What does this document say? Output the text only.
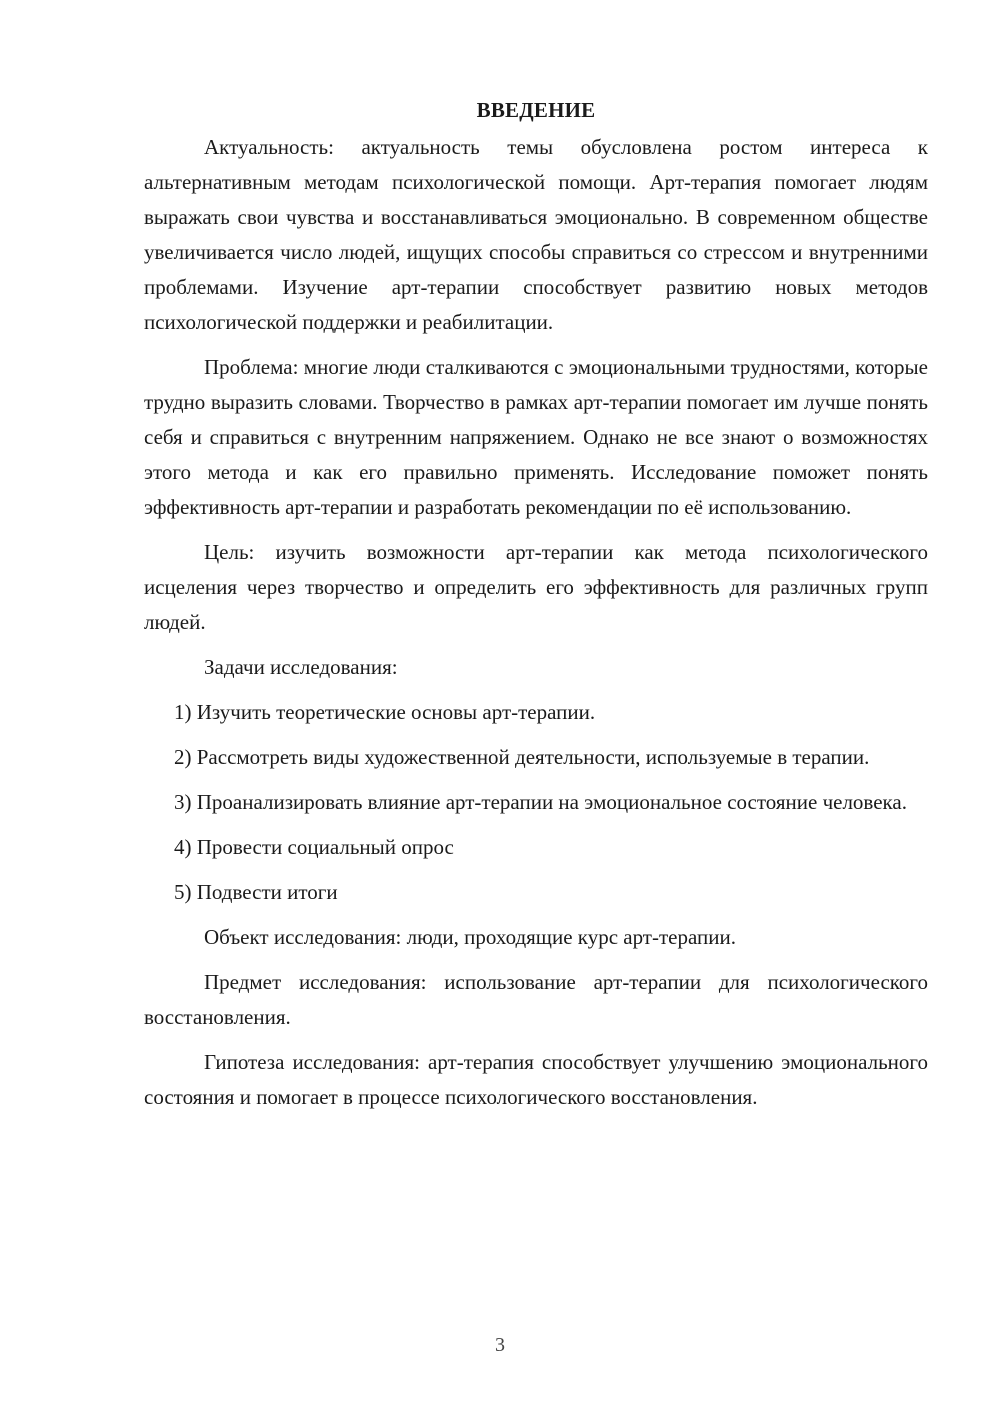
ВВЕДЕНИЕ

Актуальность: актуальность темы обусловлена ростом интереса к альтернативным методам психологической помощи. Арт-терапия помогает людям выражать свои чувства и восстанавливаться эмоционально. В современном обществе увеличивается число людей, ищущих способы справиться со стрессом и внутренними проблемами. Изучение арт-терапии способствует развитию новых методов психологической поддержки и реабилитации.

Проблема: многие люди сталкиваются с эмоциональными трудностями, которые трудно выразить словами. Творчество в рамках арт-терапии помогает им лучше понять себя и справиться с внутренним напряжением. Однако не все знают о возможностях этого метода и как его правильно применять. Исследование поможет понять эффективность арт-терапии и разработать рекомендации по её использованию.

Цель: изучить возможности арт-терапии как метода психологического исцеления через творчество и определить его эффективность для различных групп людей.

Задачи исследования:

1) Изучить теоретические основы арт-терапии.

2) Рассмотреть виды художественной деятельности, используемые в терапии.

3) Проанализировать влияние арт-терапии на эмоциональное состояние человека.

4) Провести социальный опрос

5) Подвести итоги

Объект исследования: люди, проходящие курс арт-терапии.

Предмет исследования: использование арт-терапии для психологического восстановления.

Гипотеза исследования: арт-терапия способствует улучшению эмоционального состояния и помогает в процессе психологического восстановления.

3
